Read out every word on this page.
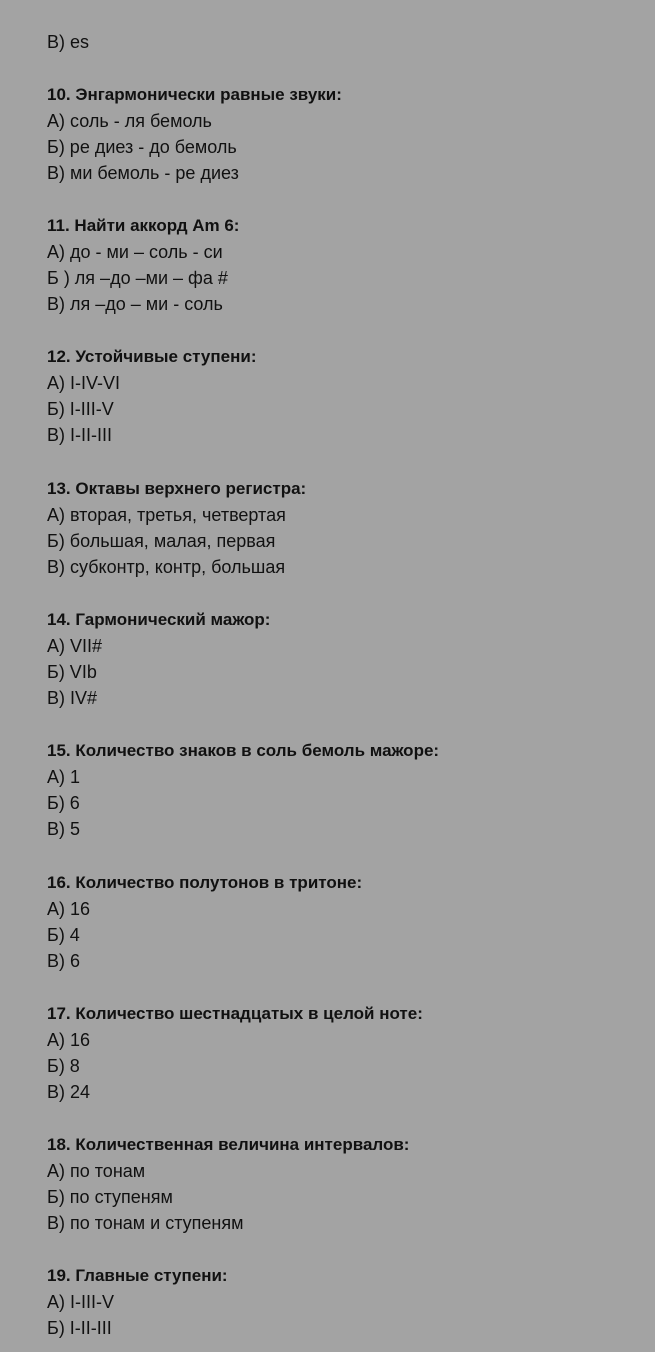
В) es
10. Энгармонически равные звуки:
А) соль - ля бемоль
Б) ре диез - до бемоль
В) ми бемоль - ре диез
11. Найти аккорд Am 6:
А) до - ми – соль - си
Б ) ля –до –ми – фа #
В) ля –до – ми - соль
12. Устойчивые ступени:
А) I-IV-VI
Б) I-III-V
В) I-II-III
13. Октавы верхнего регистра:
А) вторая, третья, четвертая
Б) большая, малая, первая
В) субконтр, контр, большая
14. Гармонический мажор:
А) VII#
Б) VIb
В) IV#
15. Количество знаков в соль бемоль мажоре:
А) 1
Б) 6
В) 5
16. Количество полутонов в тритоне:
А) 16
Б) 4
В) 6
17. Количество шестнадцатых в целой ноте:
А) 16
Б) 8
В) 24
18. Количественная величина интервалов:
А) по тонам
Б) по ступеням
В) по тонам и ступеням
19. Главные ступени:
А) I-III-V
Б) I-II-III
